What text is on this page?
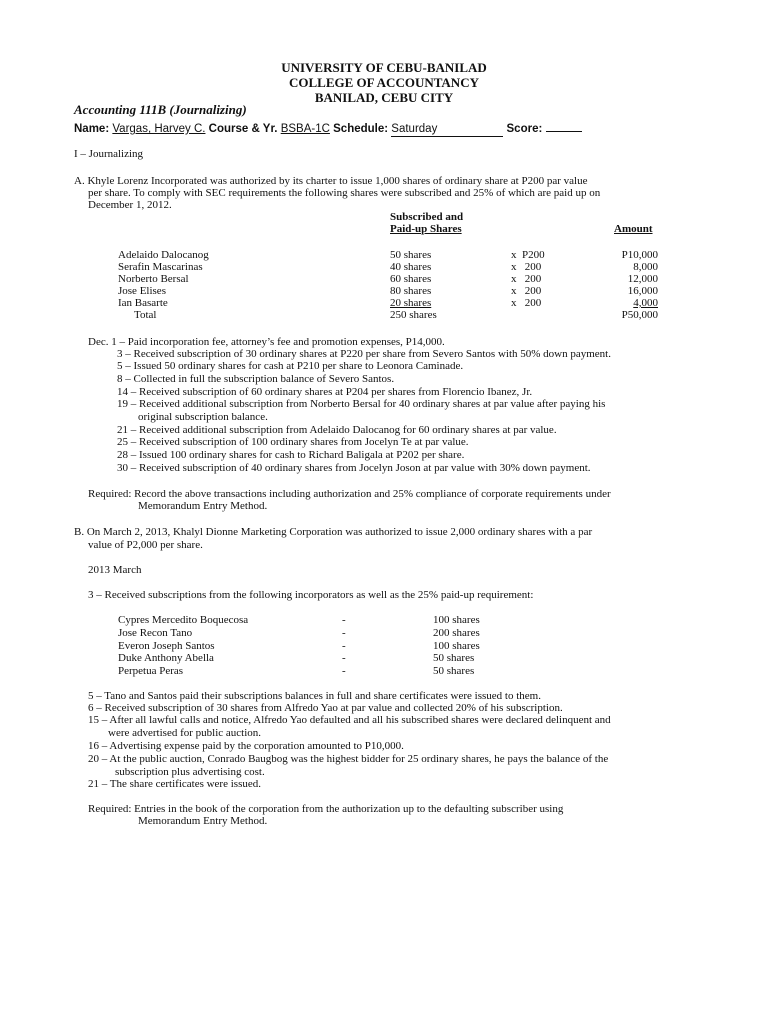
UNIVERSITY OF CEBU-BANILAD
COLLEGE OF ACCOUNTANCY
BANILAD, CEBU CITY
Accounting 111B (Journalizing)
Name: Vargas, Harvey C. Course & Yr. BSBA-1C Schedule: Saturday	Score:
I – Journalizing
A. Khyle Lorenz Incorporated was authorized by its charter to issue 1,000 shares of ordinary share at P200 par value
per share. To comply with SEC requirements the following shares were subscribed and 25% of which are paid up on
December 1, 2012.
Subscribed and
Paid-up Shares	Amount
Adelaido Dalocanog	50 shares	x  P200	P10,000
Serafin Mascarinas	40 shares	x   200	8,000
Norberto Bersal	60 shares	x   200	12,000
Jose Elises	80 shares	x   200	16,000
Ian Basarte	20 shares	x   200	4,000
Total	250 shares	P50,000
Dec. 1 – Paid incorporation fee, attorney’s fee and promotion expenses, P14,000.
3 – Received subscription of 30 ordinary shares at P220 per share from Severo Santos with 50% down payment.
5 – Issued 50 ordinary shares for cash at P210 per share to Leonora Caminade.
8 – Collected in full the subscription balance of Severo Santos.
14 – Received subscription of 60 ordinary shares at P204 per shares from Florencio Ibanez, Jr.
19 – Received additional subscription from Norberto Bersal for 40 ordinary shares at par value after paying his
original subscription balance.
21 – Received additional subscription from Adelaido Dalocanog for 60 ordinary shares at par value.
25 – Received subscription of 100 ordinary shares from Jocelyn Te at par value.
28 – Issued 100 ordinary shares for cash to Richard Baligala at P202 per share.
30 – Received subscription of 40 ordinary shares from Jocelyn Joson at par value with 30% down payment.
Required: Record the above transactions including authorization and 25% compliance of corporate requirements under
Memorandum Entry Method.
B. On March 2, 2013, Khalyl Dionne Marketing Corporation was authorized to issue 2,000 ordinary shares with a par
value of P2,000 per share.
2013 March
3 – Received subscriptions from the following incorporators as well as the 25% paid-up requirement:
Cypres Mercedito Boquecosa	-	100 shares
Jose Recon Tano	-	200 shares
Everon Joseph Santos	-	100 shares
Duke Anthony Abella	-	50 shares
Perpetua Peras	-	50 shares
5 – Tano and Santos paid their subscriptions balances in full and share certificates were issued to them.
6 – Received subscription of 30 shares from Alfredo Yao at par value and collected 20% of his subscription.
15 – After all lawful calls and notice, Alfredo Yao defaulted and all his subscribed shares were declared delinquent and
were advertised for public auction.
16 – Advertising expense paid by the corporation amounted to P10,000.
20 – At the public auction, Conrado Baugbog was the highest bidder for 25 ordinary shares, he pays the balance of the
subscription plus advertising cost.
21 – The share certificates were issued.
Required: Entries in the book of the corporation from the authorization up to the defaulting subscriber using
Memorandum Entry Method.
